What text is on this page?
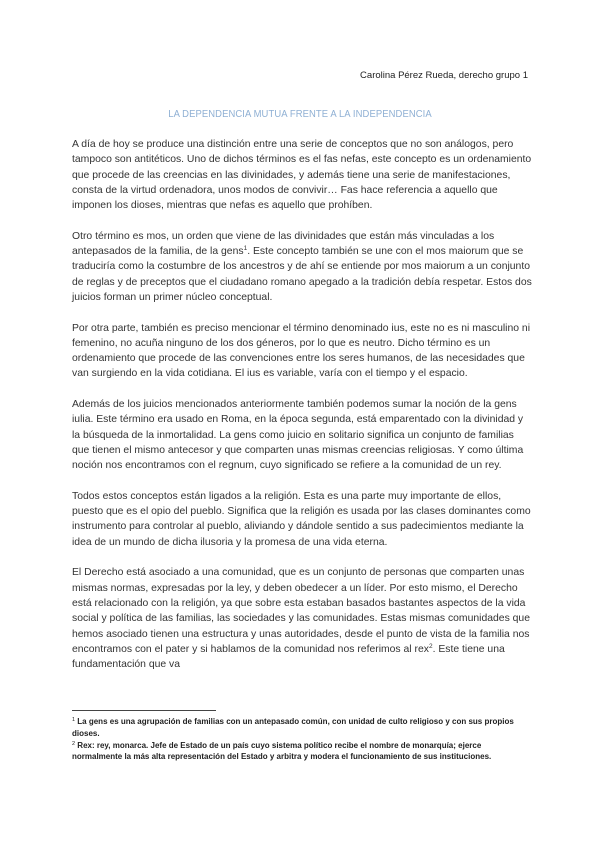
Carolina Pérez Rueda, derecho grupo 1
LA DEPENDENCIA MUTUA FRENTE A LA INDEPENDENCIA

A día de hoy se produce una distinción entre una serie de conceptos que no son análogos, pero tampoco son antitéticos. Uno de dichos términos es el fas nefas, este concepto es un ordenamiento que procede de las creencias en las divinidades, y además tiene una serie de manifestaciones, consta de la virtud ordenadora, unos modos de convivir… Fas hace referencia a aquello que imponen los dioses, mientras que nefas es aquello que prohíben.

Otro término es mos, un orden que viene de las divinidades que están más vinculadas a los antepasados de la familia, de la gens$^1$. Este concepto también se une con el mos maiorum que se traduciría como la costumbre de los ancestros y de ahí se entiende por mos maiorum a un conjunto de reglas y de preceptos que el ciudadano romano apegado a la tradición debía respetar. Estos dos juicios forman un primer núcleo conceptual.

Por otra parte, también es preciso mencionar el término denominado ius, este no es ni masculino ni femenino, no acuña ninguno de los dos géneros, por lo que es neutro. Dicho término es un ordenamiento que procede de las convenciones entre los seres humanos, de las necesidades que van surgiendo en la vida cotidiana. El ius es variable, varía con el tiempo y el espacio.

Además de los juicios mencionados anteriormente también podemos sumar la noción de la gens iulia. Este término era usado en Roma, en la época segunda, está emparentado con la divinidad y la búsqueda de la inmortalidad. La gens como juicio en solitario significa un conjunto de familias que tienen el mismo antecesor y que comparten unas mismas creencias religiosas. Y como última noción nos encontramos con el regnum, cuyo significado se refiere a la comunidad de un rey.

Todos estos conceptos están ligados a la religión. Esta es una parte muy importante de ellos, puesto que es el opio del pueblo. Significa que la religión es usada por las clases dominantes como instrumento para controlar al pueblo, aliviando y dándole sentido a sus padecimientos mediante la idea de un mundo de dicha ilusoria y la promesa de una vida eterna.

El Derecho está asociado a una comunidad, que es un conjunto de personas que comparten unas mismas normas, expresadas por la ley, y deben obedecer a un líder. Por esto mismo, el Derecho está relacionado con la religión, ya que sobre esta estaban basados bastantes aspectos de la vida social y política de las familias, las sociedades y las comunidades. Estas mismas comunidades que hemos asociado tienen una estructura y unas autoridades, desde el punto de vista de la familia nos encontramos con el pater y si hablamos de la comunidad nos referimos al rex$^2$. Este tiene una fundamentación que va

$^1$ La gens es una agrupación de familias con un antepasado común, con unidad de culto religioso y con sus propios dioses.

$^2$ Rex: rey, monarca. Jefe de Estado de un país cuyo sistema político recibe el nombre de monarquía; ejerce normalmente la más alta representación del Estado y arbitra y modera el funcionamiento de sus instituciones.
